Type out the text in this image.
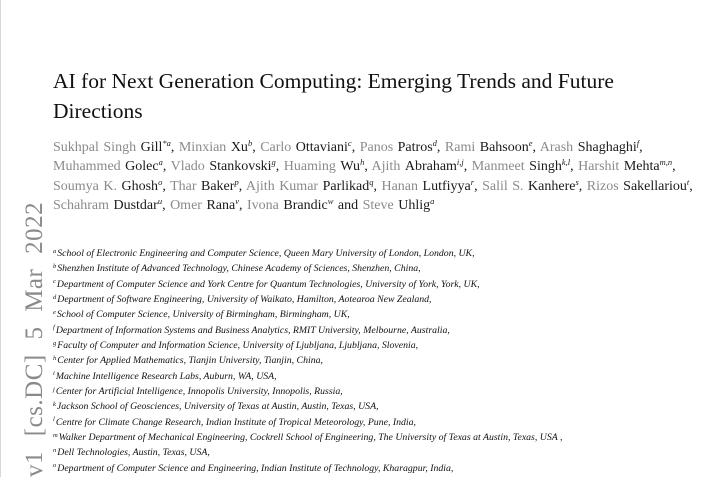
v1 [cs.DC] 5 Mar 2022
AI for Next Generation Computing: Emerging Trends and Future Directions
Sukhpal Singh Gill$^{*a}$, Minxian Xu$^b$, Carlo Ottaviani$^c$, Panos Patros$^d$, Rami Bahsoon$^e$, Arash Shaghaghi$^f$, Muhammed Golec$^a$, Vlado Stankovski$^g$, Huaming Wu$^h$, Ajith Abraham$^{i,j}$, Manmeet Singh$^{k,l}$, Harshit Mehta$^{m,n}$, Soumya K. Ghosh$^o$, Thar Baker$^p$, Ajith Kumar Parlikad$^q$, Hanan Lutfiyya$^r$, Salil S. Kanhere$^s$, Rizos Sakellariou$^t$, Schahram Dustdar$^u$, Omer Rana$^v$, Ivona Brandic$^w$ and Steve Uhlig$^a$
$^a$School of Electronic Engineering and Computer Science, Queen Mary University of London, London, UK,
$^b$Shenzhen Institute of Advanced Technology, Chinese Academy of Sciences, Shenzhen, China,
$^c$Department of Computer Science and York Centre for Quantum Technologies, University of York, York, UK,
$^d$Department of Software Engineering, University of Waikato, Hamilton, Aotearoa New Zealand,
$^e$School of Computer Science, University of Birmingham, Birmingham, UK,
$^f$Department of Information Systems and Business Analytics, RMIT University, Melbourne, Australia,
$^g$Faculty of Computer and Information Science, University of Ljubljana, Ljubljana, Slovenia,
$^h$Center for Applied Mathematics, Tianjin University, Tianjin, China,
$^i$Machine Intelligence Research Labs, Auburn, WA, USA,
$^j$Center for Artificial Intelligence, Innopolis University, Innopolis, Russia,
$^k$Jackson School of Geosciences, University of Texas at Austin, Austin, Texas, USA,
$^l$Centre for Climate Change Research, Indian Institute of Tropical Meteorology, Pune, India,
$^m$Walker Department of Mechanical Engineering, Cockrell School of Engineering, The University of Texas at Austin, Texas, USA ,
$^n$Dell Technologies, Austin, Texas, USA,
$^o$Department of Computer Science and Engineering, Indian Institute of Technology, Kharagpur, India,
